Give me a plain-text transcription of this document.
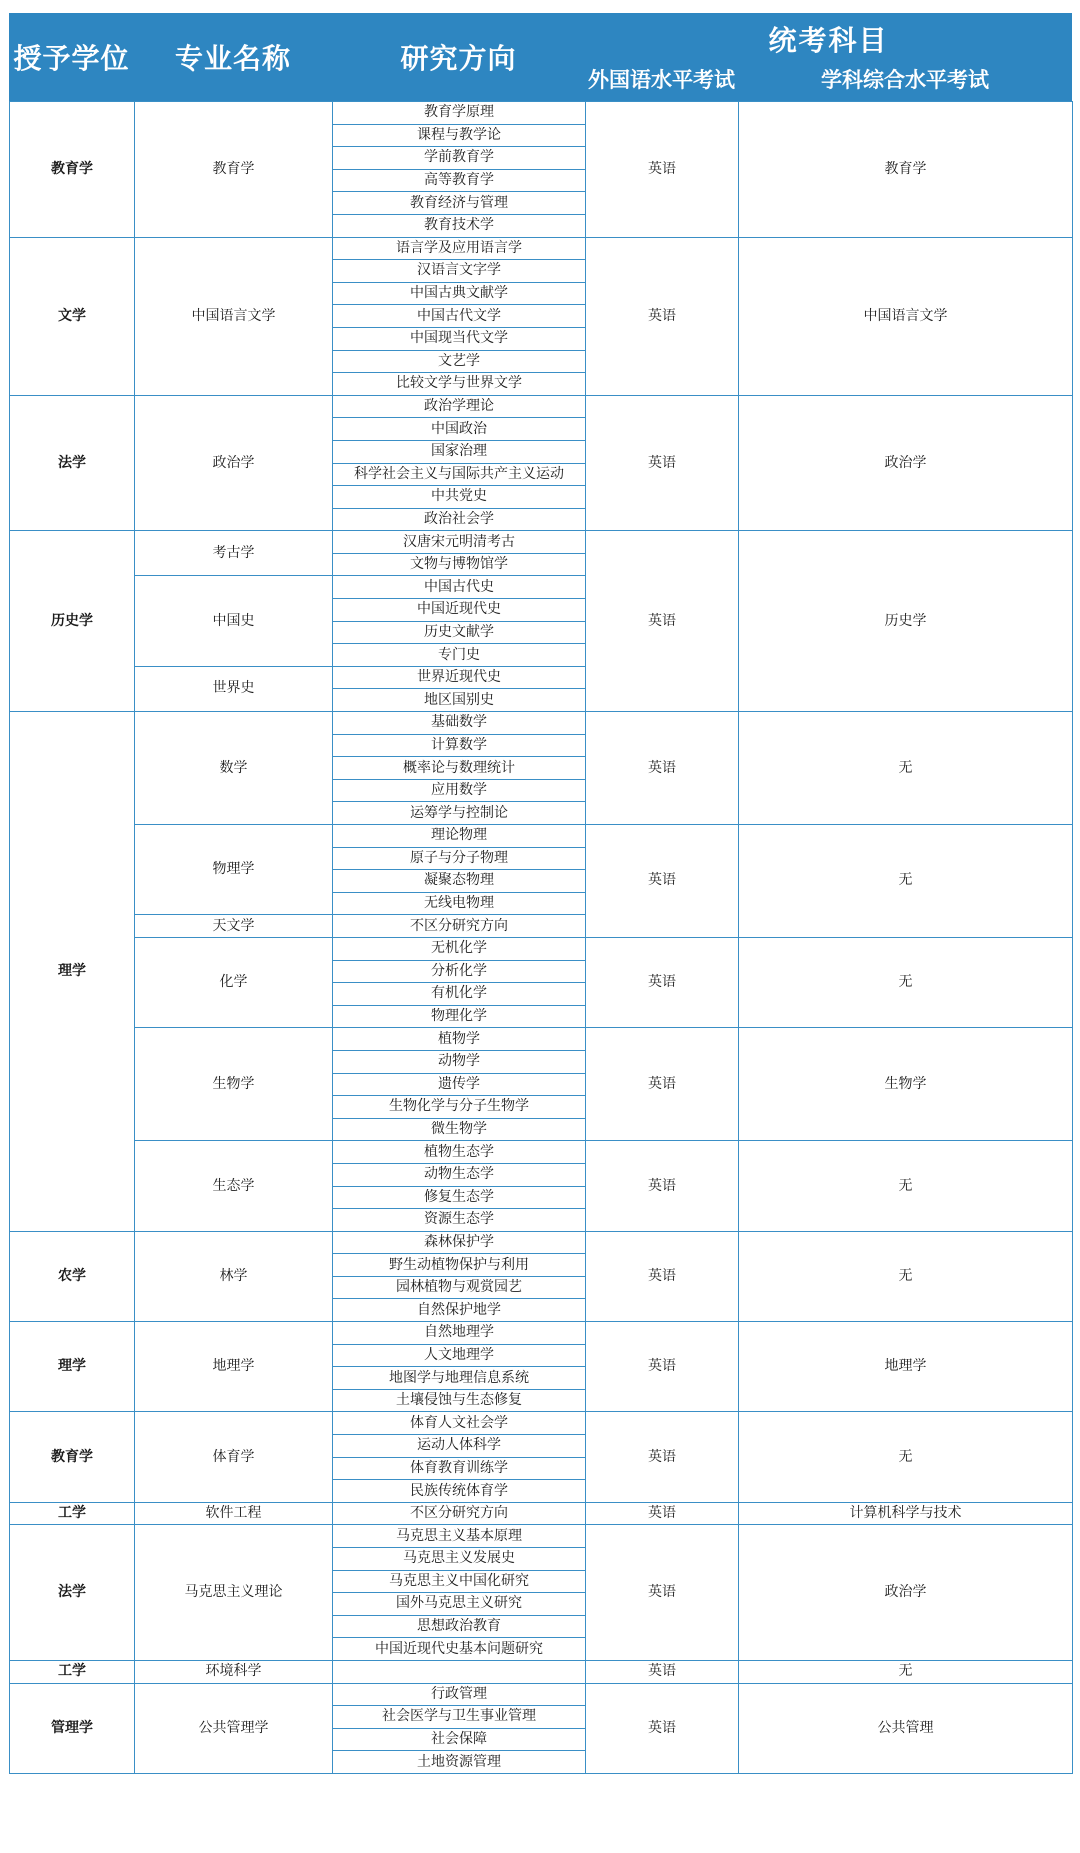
授予学位	专业名称	研究方向
统考科目
外国语水平考试	学科综合水平考试
教育学	教育学	教育学原理	英语	教育学
		课程与教学论		
		学前教育学		
		高等教育学		
		教育经济与管理		
		教育技术学		
文学	中国语言文学	语言学及应用语言学	英语	中国语言文学
		汉语言文字学		
		中国古典文献学		
		中国古代文学		
		中国现当代文学		
		文艺学		
		比较文学与世界文学		
法学	政治学	政治学理论	英语	政治学
		中国政治		
		国家治理		
		科学社会主义与国际共产主义运动		
		中共党史		
		政治社会学		
历史学	考古学	汉唐宋元明清考古	英语	历史学
		文物与博物馆学		
	中国史	中国古代史		
		中国近现代史		
		历史文献学		
		专门史		
	世界史	世界近现代史		
		地区国别史		
理学	数学	基础数学	英语	无
		计算数学		
		概率论与数理统计		
		应用数学		
		运筹学与控制论		
	物理学	理论物理	英语	无
		原子与分子物理		
		凝聚态物理		
		无线电物理		
	天文学	不区分研究方向		
	化学	无机化学	英语	无
		分析化学		
		有机化学		
		物理化学		
	生物学	植物学	英语	生物学
		动物学		
		遗传学		
		生物化学与分子生物学		
		微生物学		
	生态学	植物生态学	英语	无
		动物生态学		
		修复生态学		
		资源生态学		
农学	林学	森林保护学	英语	无
		野生动植物保护与利用		
		园林植物与观赏园艺		
		自然保护地学		
理学	地理学	自然地理学	英语	地理学
		人文地理学		
		地图学与地理信息系统		
		土壤侵蚀与生态修复		
教育学	体育学	体育人文社会学	英语	无
		运动人体科学		
		体育教育训练学		
		民族传统体育学		
工学	软件工程	不区分研究方向	英语	计算机科学与技术
法学	马克思主义理论	马克思主义基本原理	英语	政治学
		马克思主义发展史		
		马克思主义中国化研究		
		国外马克思主义研究		
		思想政治教育		
		中国近现代史基本问题研究		
工学	环境科学		英语	无
管理学	公共管理学	行政管理	英语	公共管理
		社会医学与卫生事业管理		
		社会保障		
		土地资源管理		
